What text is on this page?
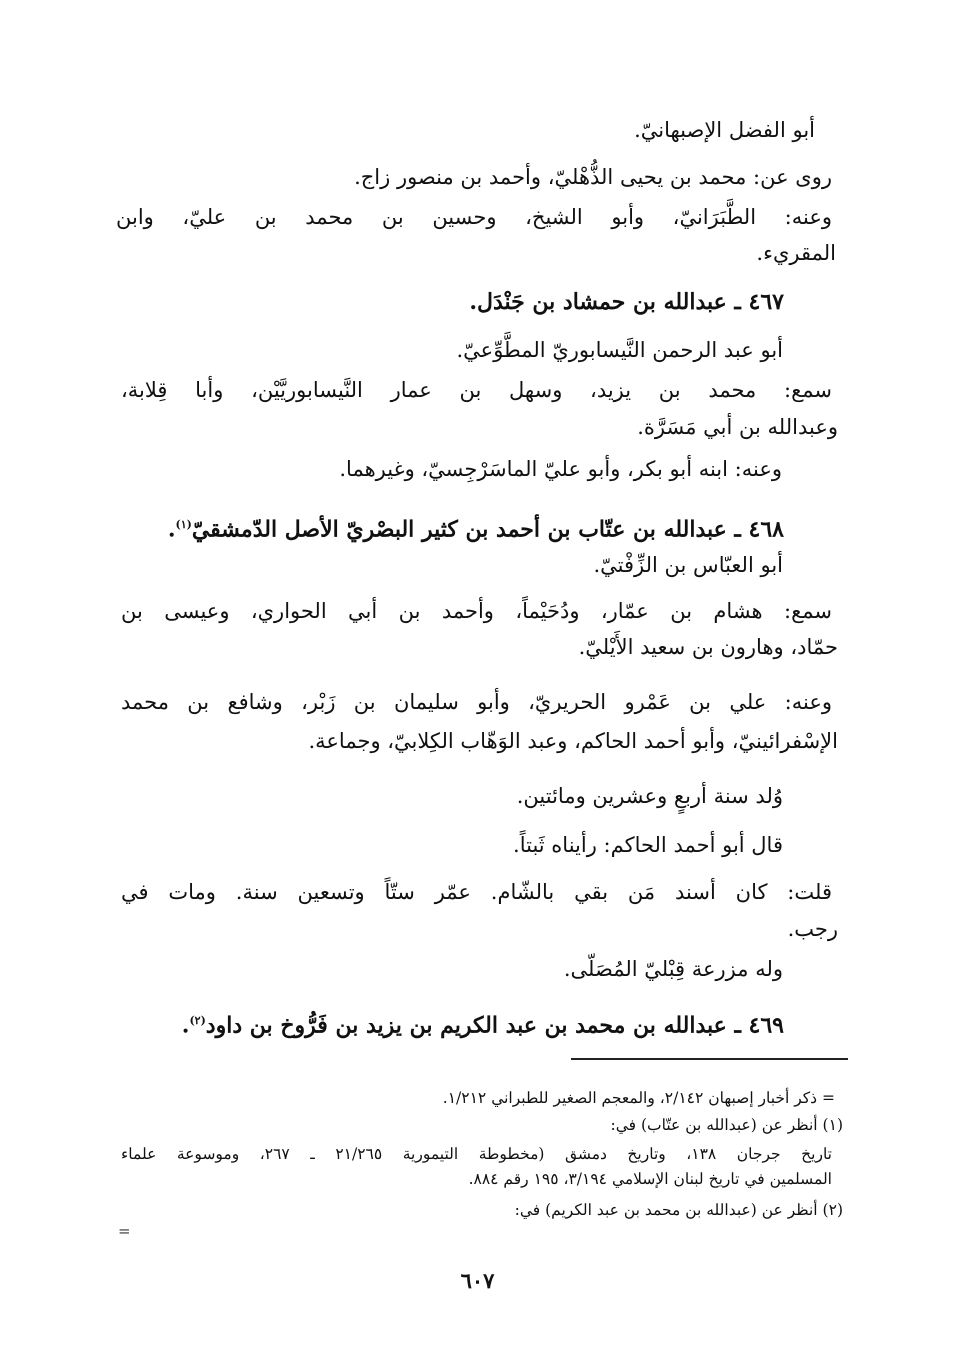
أبو الفضل الإصبهانيّ.
روى عن: محمد بن يحيى الذُّهْليّ، وأحمد بن منصور زاج.
وعنه: الطَّبَرَانيّ، وأبو الشيخ، وحسين بن محمد بن عليّ، وابن
المقريء.
٤٦٧ ـ عبدالله بن حمشاد بن جَنْدَل.
أبو عبد الرحمن النَّيسابوريّ المطَّوِّعيّ.
سمع: محمد بن يزيد، وسهل بن عمار النَّيسابوريَّيْن، وأبا قِلابة،
وعبدالله بن أبي مَسَرَّة.
وعنه: ابنه أبو بكر، وأبو عليّ الماسَرْجِسيّ، وغيرهما.
٤٦٨ ـ عبدالله بن عتّاب بن أحمد بن كثير البصْريّ الأصل الدّمشقيّ$^{(١)}$.
أبو العبّاس بن الزِّفْتيّ.
سمع: هشام بن عمّار، ودُحَيْماً، وأحمد بن أبي الحواري، وعيسى بن
حمّاد، وهارون بن سعيد الأَيْليّ.
وعنه: علي بن عَمْرو الحريريّ، وأبو سليمان بن زَبْر، وشافع بن محمد
الإسْفرائينيّ، وأبو أحمد الحاكم، وعبد الوَهّاب الكِلابيّ، وجماعة.
وُلد سنة أربعٍ وعشرين ومائتين.
قال أبو أحمد الحاكم: رأيناه ثَبتاً.
قلت: كان أسند مَن بقي بالشّام. عمّر ستّاً وتسعين سنة. ومات في
رجب.
وله مزرعة قِبْليّ المُصَلّى.
٤٦٩ ـ عبدالله بن محمد بن عبد الكريم بن يزيد بن فَرُّوخ بن داود$^{(٢)}$.
= ذكر أخبار إصبهان ٢/١٤٢، والمعجم الصغير للطبراني ١/٢١٢.
(١) أنظر عن (عبدالله بن عتّاب) في:
تاريخ جرجان ١٣٨، وتاريخ دمشق (مخطوطة التيمورية ٢١/٢٦٥ ـ ٢٦٧، وموسوعة علماء
المسلمين في تاريخ لبنان الإسلامي ٣/١٩٤، ١٩٥ رقم ٨٨٤.
(٢) أنظر عن (عبدالله بن محمد بن عبد الكريم) في:
=
٦٠٧
